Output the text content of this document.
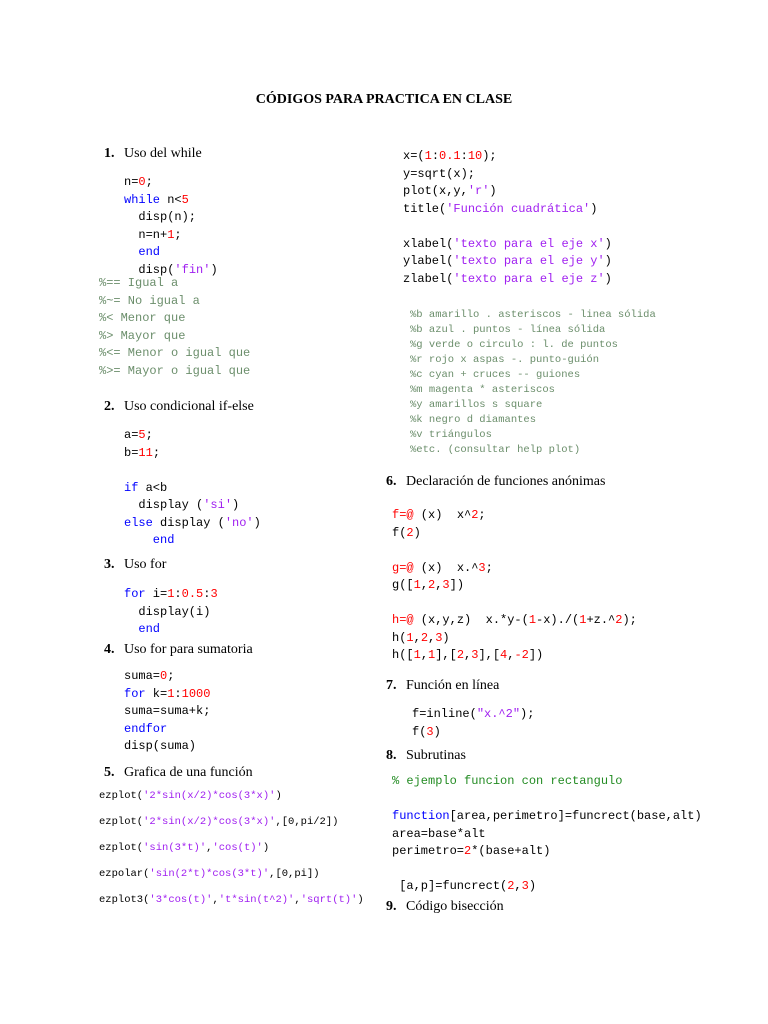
CÓDIGOS PARA PRACTICA EN CLASE
1. Uso del while
2. Uso condicional if-else
3. Uso for
4. Uso for para sumatoria
5. Grafica de una función
6. Declaración de funciones anónimas
7. Función en línea
8. Subrutinas
9. Código bisección
n=0;
while n<5
disp(n);
n=n+1;
end
disp('fin')
%== Igual a
%~= No igual a
%< Menor que
%> Mayor que
%<= Menor o igual que
%>= Mayor o igual que
a=5;
b=11;
if a<b
display ('si')
else display ('no')
end
for i=1:0.5:3
display(i)
end
suma=0;
for k=1:1000
suma=suma+k;
endfor
disp(suma)
ezplot('2*sin(x/2)*cos(3*x)')
ezplot('2*sin(x/2)*cos(3*x)',[0,pi/2])
ezplot('sin(3*t)','cos(t)')
ezpolar('sin(2*t)*cos(3*t)',[0,pi])
ezplot3('3*cos(t)','t*sin(t^2)','sqrt(t)')
x=(1:0.1:10);
y=sqrt(x);
plot(x,y,'r')
title('Función cuadrática')
xlabel('texto para el eje x')
ylabel('texto para el eje y')
zlabel('texto para el eje z')
%b amarillo . asteriscos - linea sólida
%b azul . puntos - línea sólida
%g verde o circulo : l. de puntos
%r rojo x aspas -. punto-guión
%c cyan + cruces -- guiones
%m magenta * asteriscos
%y amarillos s square
%k negro d diamantes
%v triángulos
%etc. (consultar help plot)
f=@ (x)  x^2;
f(2)
g=@ (x)  x.^3;
g([1,2,3])
h=@ (x,y,z)  x.*y-(1-x)./(1+z.^2);
h(1,2,3)
h([1,1],[2,3],[4,-2])
f=inline("x.^2");
f(3)
% ejemplo funcion con rectangulo
function[area,perimetro]=funcrect(base,alt)
area=base*alt
perimetro=2*(base+alt)
[a,p]=funcrect(2,3)
